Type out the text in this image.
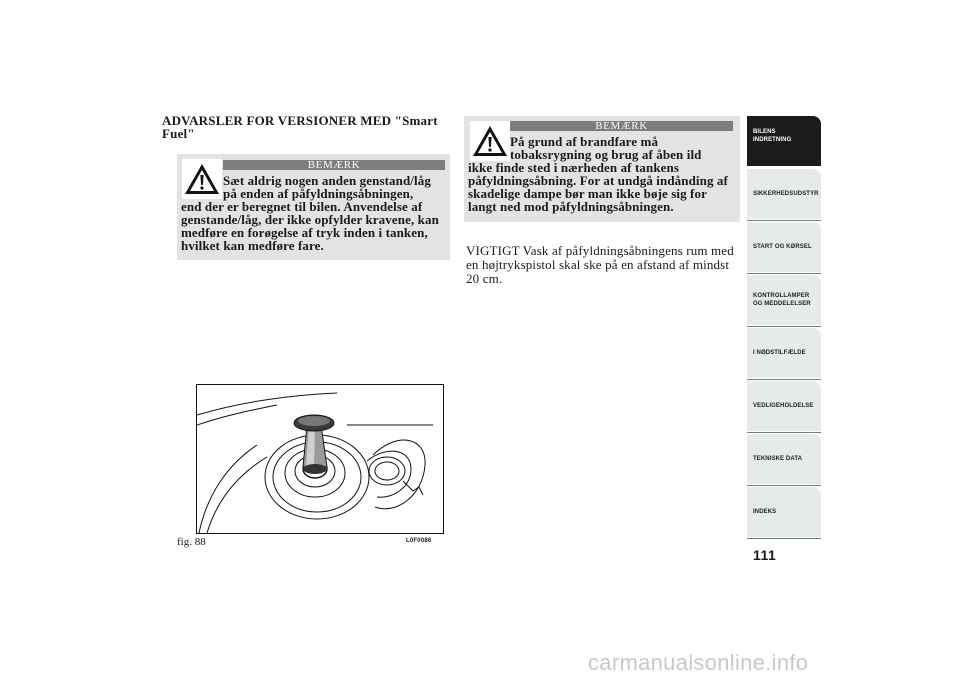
ADVARSLER FOR VERSIONER MED "Smart Fuel"
BEMÆRK
Sæt aldrig nogen anden genstand/låg på enden af påfyldningsåbningen,
end der er beregnet til bilen. Anvendelse af genstande/låg, der ikke opfylder kravene, kan medføre en forøgelse af tryk inden i tanken, hvilket kan medføre fare.
BEMÆRK
På grund af brandfare må tobaksrygning og brug af åben ild
ikke finde sted i nærheden af tankens påfyldningsåbning. For at undgå indånding af skadelige dampe bør man ikke bøje sig for langt ned mod påfyldningsåbningen.
VIGTIGT Vask af påfyldningsåbningens rum med en højtrykspistol skal ske på en afstand af mindst 20 cm.
fig. 88	L0F0086
BILENS
INDRETNING
SIKKERHEDSUDSTYR
START OG KØRSEL
KONTROLLAMPER
OG MEDDELELSER
I NØDSTILFÆLDE
VEDLIGEHOLDELSE
TEKNISKE DATA
INDEKS
111
carmanualsonline.info
